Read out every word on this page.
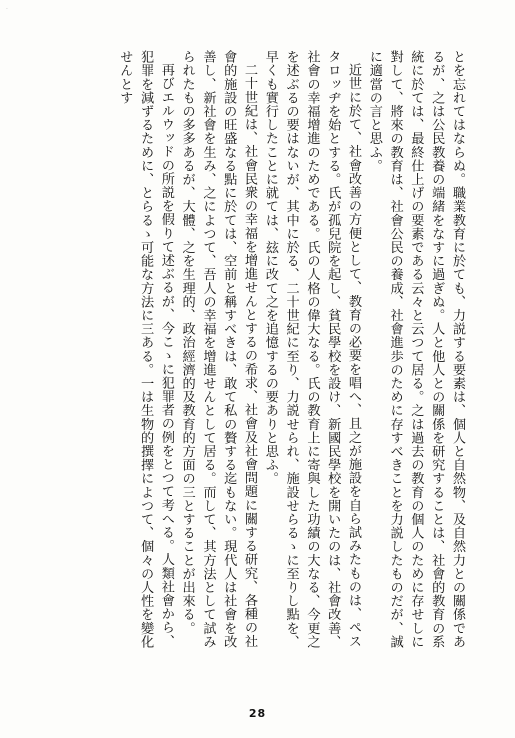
·

とを忘れてはならぬ。職業教育に於ても、力説する要素は、個人と自然物、及自然力との關係であるが、之は公民教養の端緒をなすに過ぎぬ。人と他人との關係を研究することは、社會的教育の系統に於ては、最終仕上げの要素である云々と云つて居る。之は過去の教育の個人のために存せしに對して、將來の教育は、社會公民の養成、社會進歩のために存すべきことを力説したものだが、誠に適當の言と思ふ。

近世に於て、社會改善の方便として、教育の必要を唱へ、且之が施設を自ら試みたものは、ペスタロッヂを始とする。氏が孤兒院を起し、貧民學校を設け、新國民學校を開いたのは、社會改善、社會の幸福增進のためである。氏の人格の偉大なる。氏の教育上に寄與した功績の大なる、今更之を述ぶるの要はないが、其中に於る、二十世紀に至り、力説せられ、施設せらるゝに至りし點を、早くも實行したことに就ては、玆に改て之を追憶するの要ありと思ふ。

二十世紀は、社會民衆の幸福を增進せんとするの希求、社會及社會問題に關する研究、各種の社會的施設の旺盛なる點に於ては、空前と稱すべきは、敢て私の贅する迄もない。現代人は社會を改善し、新社會を生み、之によつて、吾人の幸福を增進せんとして居る。而して、其方法として試みられたもの多多あるが、大體、之を生理的、政治經濟的及教育的方面の三とすることが出來る。

再びエルウッドの所説を假りて述ぶるが、今こゝに犯罪者の例をとつて考へる。人類社會から、犯罪を減ずるために、とらるゝ可能な方法に三ある。一は生物的撰擇によつて、個々の人性を變化せんとす

28
